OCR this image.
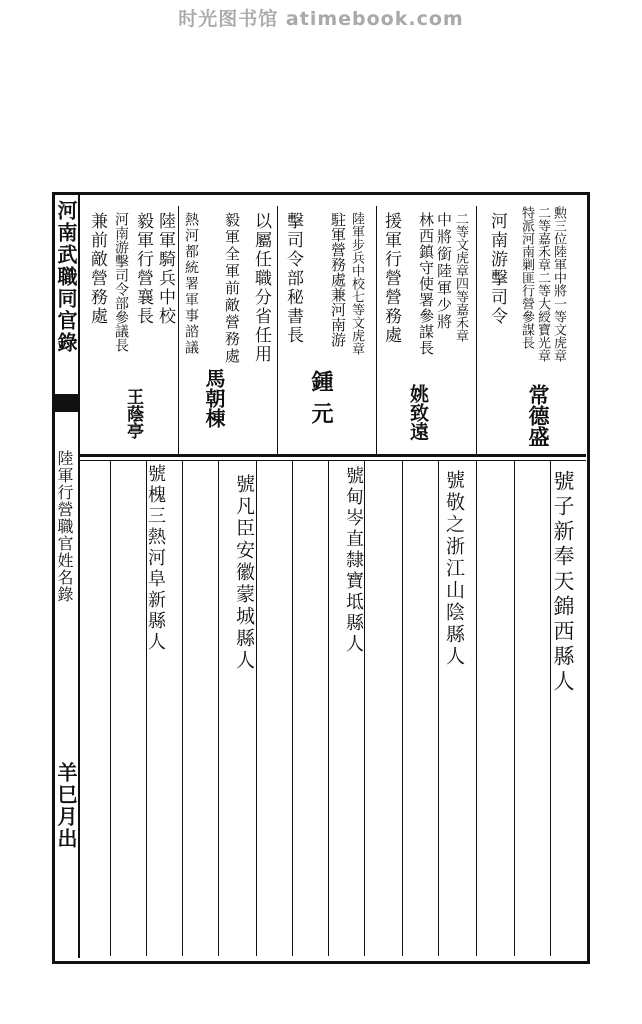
时光图书馆 atimebook.com
河南武職同官錄
陸軍行營職官姓名錄
羊巳月出
勲三位陸軍中將一等文虎章
二等嘉禾章二等大綬寶光章
特派河南剿匪行營參謀長
常德盛
河南游擊司令
二等文虎章四等嘉禾章
中將銜陸軍少將
林西鎮守使署參謀長
姚致遠
援軍行營營務處
陸軍步兵中校七等文虎章
駐軍營務處兼河南游
擊司令部秘書長
鍾元
以屬任職分省任用
毅軍全軍前敵營務處
馬朝棟
熱河都統署軍事諮議
陸軍騎兵中校
毅軍行營襄長
河南游擊司令部參議長
王蔭亭
兼前敵營務處
號子新奉天錦西縣人
號敬之浙江山陰縣人
號甸岑直隸寶坻縣人
號凡臣安徽蒙城縣人
號槐三熱河阜新縣人
